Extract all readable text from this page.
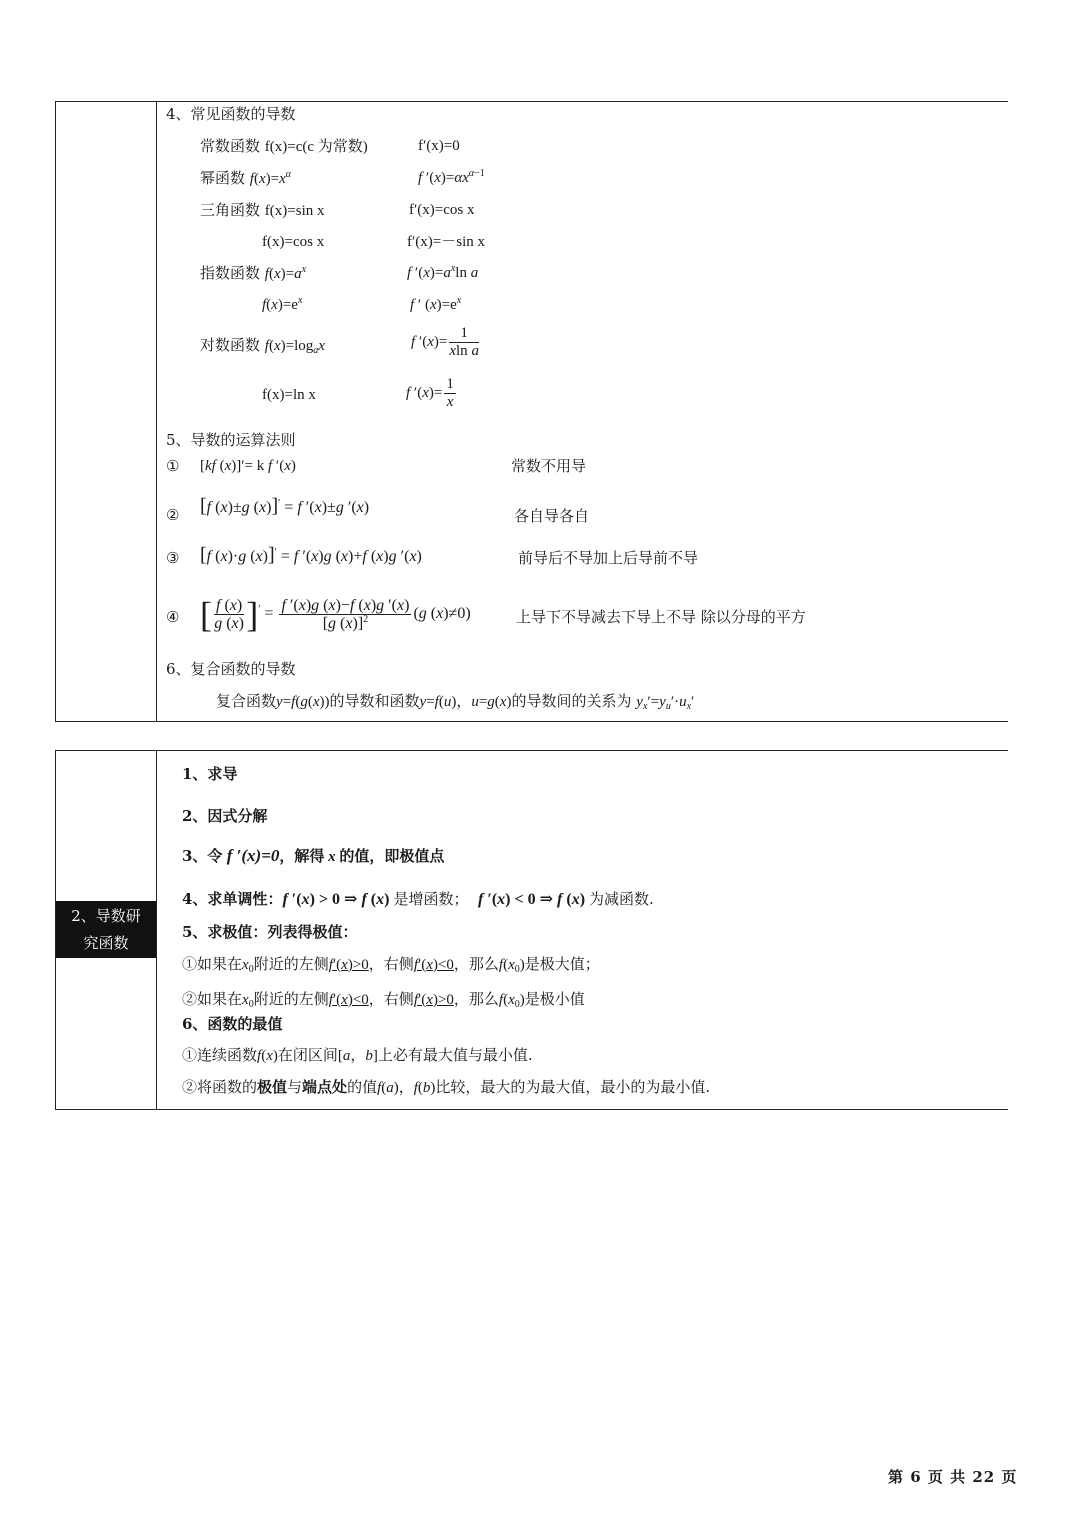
4、常见函数的导数
常数函数 f(x)=c(c 为常数)	f′(x)=0
幂函数 $f(x)=x^\alpha$	f $'(x)=\alpha x^{\alpha-1}$
三角函数 f(x)=sin x	f′(x)=cos x
f(x)=cos x	f′(x)=－sin x
指数函数 $f(x)=a^x$	f $'(x)=a^x\ln$ a
$f(x)=e^x$	f ′ $(x)=e^x$
对数函数 $f(x)=\log_ax$	f $'(x)= \frac{1}{\text{xln a}}$
f(x)=ln x	f $'(x)= \frac{1}{x}$
5、导数的运算法则
① [kf (x)]′= k f ′(x)	常数不用导
② [f (x)±g (x)]′ = f ′(x)±g ′(x)	各自导各自
③ [f (x)·g (x)]′ = f ′(x)g (x)+f (x)g ′(x)	前导后不导加上后导前不导
④ [ $\frac{f (x)}{g (x)} ]' = \frac{f '(x)g (x)-f (x)g '(x)}{[g (x)]^2} (g$ (x)≠0)	上导下不导减去下导上不导 除以分母的平方
6、复合函数的导数
复合函数y=f(g(x))的导数和函数y=f(u)，u=g(x)的导数间的关系为 $y_x'=y_u'\cdot u_x'$
2、导数研
究函数
1、求导
2、因式分解
3、令 f ′(x)=0，解得 x 的值，即极值点
4、求单调性：f ′(x) > 0 ⇒ f (x) 是增函数； f ′(x) < 0 ⇒ f (x) 为减函数.
5、求极值：列表得极值：
①如果在$x_0$附近的左侧f′(x)>0，右侧f′(x)<0，那么$f(x_0)$是极大值；
②如果在$x_0$附近的左侧f′(x)<0，右侧f′(x)>0，那么$f(x_0)$是极小值
6、函数的最值
①连续函数f(x)在闭区间[a，b]上必有最大值与最小值.
②将函数的极值与端点处的值f(a)，f(b)比较，最大的为最大值，最小的为最小值.
第 6 页 共 22 页
